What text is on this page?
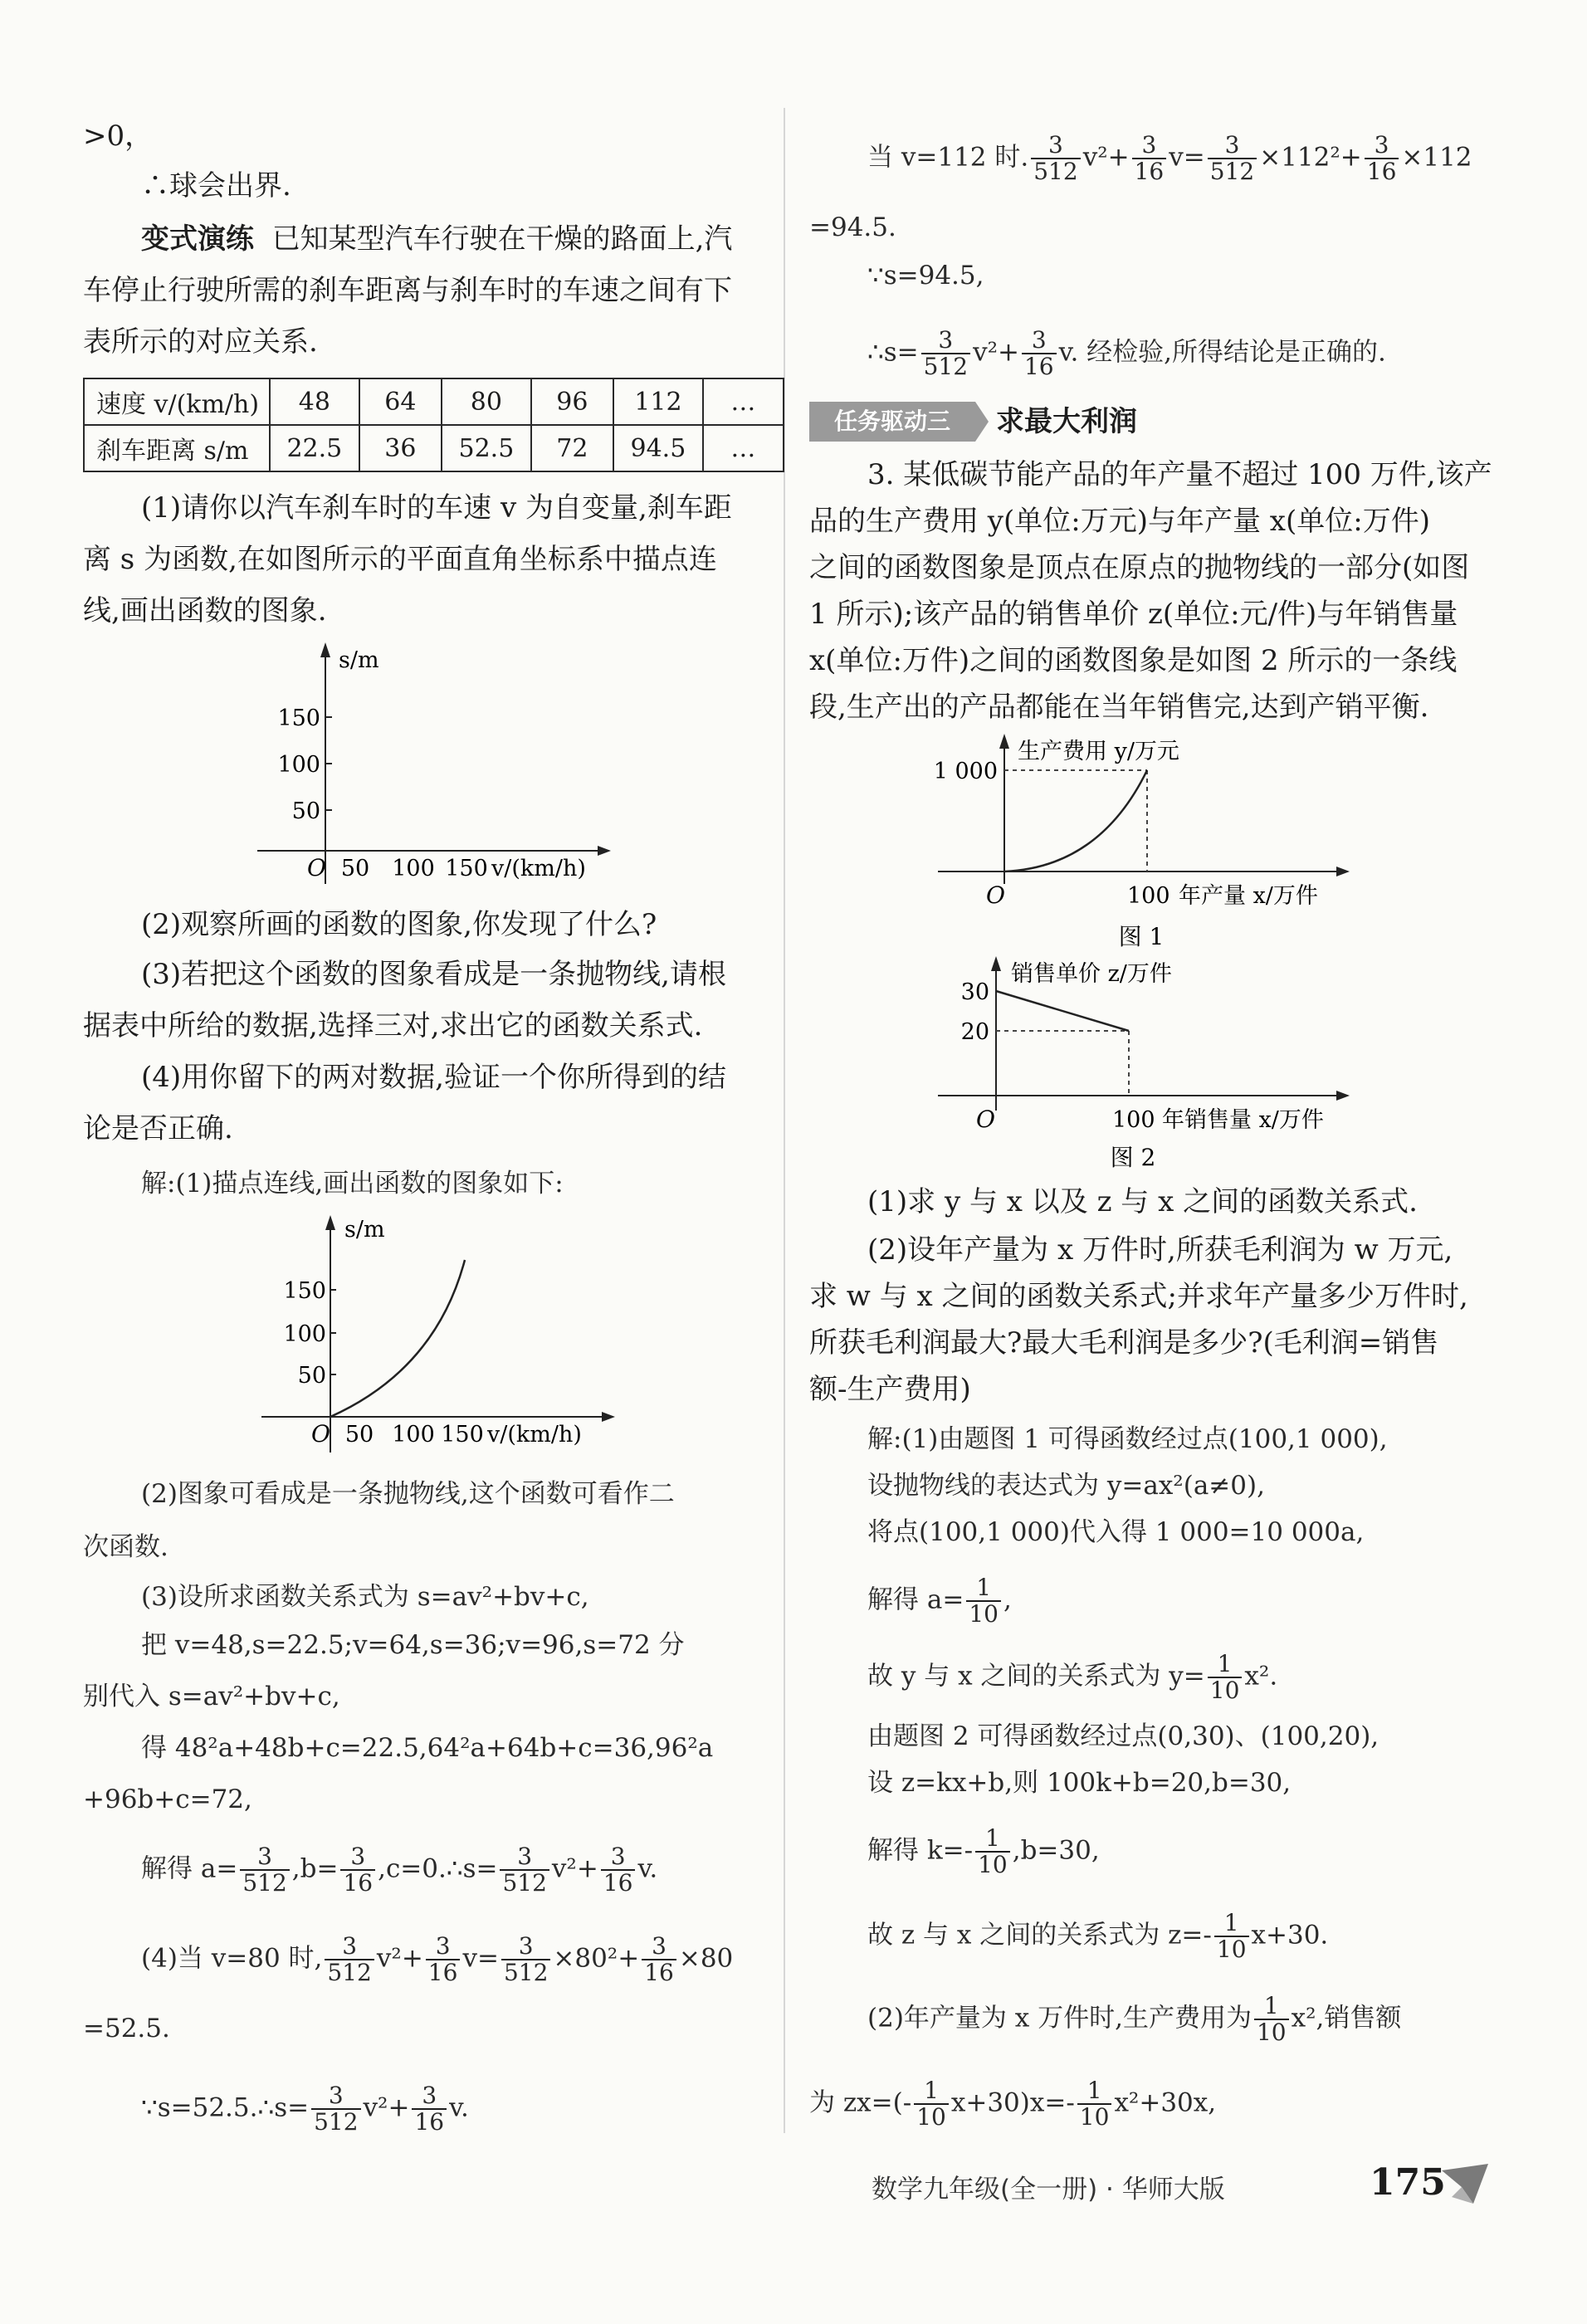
>0，
∴球会出界.
变式演练 已知某型汽车行驶在干燥的路面上,汽
车停止行驶所需的刹车距离与刹车时的车速之间有下
表所示的对应关系.
速度 v/(km/h)	48	64	80	96	112	…
刹车距离 s/m	22.5	36	52.5	72	94.5	…
(1)请你以汽车刹车时的车速 v 为自变量,刹车距
离 s 为函数,在如图所示的平面直角坐标系中描点连
线,画出函数的图象.
s/m
150
100
50
O 50 100 150 v/(km/h)
(2)观察所画的函数的图象,你发现了什么?
(3)若把这个函数的图象看成是一条抛物线,请根
据表中所给的数据,选择三对,求出它的函数关系式.
(4)用你留下的两对数据,验证一个你所得到的结
论是否正确.
解:(1)描点连线,画出函数的图象如下:
s/m
150
100
50
O 50 100 150 v/(km/h)
(2)图象可看成是一条抛物线,这个函数可看作二
次函数.
(3)设所求函数关系式为 s=av²+bv+c,
把 v=48,s=22.5;v=64,s=36;v=96,s=72 分
别代入 s=av²+bv+c,
得 48²a+48b+c=22.5,64²a+64b+c=36,96²a
+96b+c=72,
解得 $a= \frac{3}{512} ,b= \frac{3}{16}$ ,c=0.∴s= $\frac{3}{512} v^2+ \frac{3}{16} v$.
(4)当 v=80 时, $\frac{3}{512} v^2+ \frac{3}{16} v= \frac{3}{512} \times 80^2+ \frac{3}{16} \times 80$
=52.5.
∵s=52.5.∴s= $\frac{3}{512} v^2+ \frac{3}{16} v$.
当 v=112 时. $\frac{3}{512} v^2+ \frac{3}{16} v= \frac{3}{512} \times 112^2+ \frac{3}{16} \times 112$
=94.5.
∵s=94.5,
∴s= $\frac{3}{512} v^2+ \frac{3}{16} v$. 经检验,所得结论是正确的.
任务驱动三	求最大利润
3. 某低碳节能产品的年产量不超过 100 万件,该产
品的生产费用 y(单位:万元)与年产量 x(单位:万件)
之间的函数图象是顶点在原点的抛物线的一部分(如图
1 所示);该产品的销售单价 z(单位:元/件)与年销售量
x(单位:万件)之间的函数图象是如图 2 所示的一条线
段,生产出的产品都能在当年销售完,达到产销平衡.
生产费用 y/万元
1 000
O	100 年产量 x/万件
图 1
销售单价 z/万件
30
20
O	100 年销售量 x/万件
图 2
(1)求 y 与 x 以及 z 与 x 之间的函数关系式.
(2)设年产量为 x 万件时,所获毛利润为 w 万元,
求 w 与 x 之间的函数关系式;并求年产量多少万件时,
所获毛利润最大?最大毛利润是多少?(毛利润=销售
额-生产费用)
解:(1)由题图 1 可得函数经过点(100,1 000),
设抛物线的表达式为 y=ax²(a≠0),
将点(100,1 000)代入得 1 000=10 000a,
解得 $a= \frac{1}{10}$ ,
故 y 与 x 之间的关系式为 $y= \frac{1}{10} x^2$.
由题图 2 可得函数经过点(0,30)、(100,20),
设 z=kx+b,则 100k+b=20,b=30,
解得 $k=- \frac{1}{10} ,b=30$,
故 z 与 x 之间的关系式为 $z=- \frac{1}{10} x+30$.
(2)年产量为 x 万件时,生产费用为 $\frac{1}{10} x^2$,销售额
为 $zx=(- \frac{1}{10} x+30)x=- \frac{1}{10} x^2+30x$,
数学九年级(全一册) · 华师大版	175
